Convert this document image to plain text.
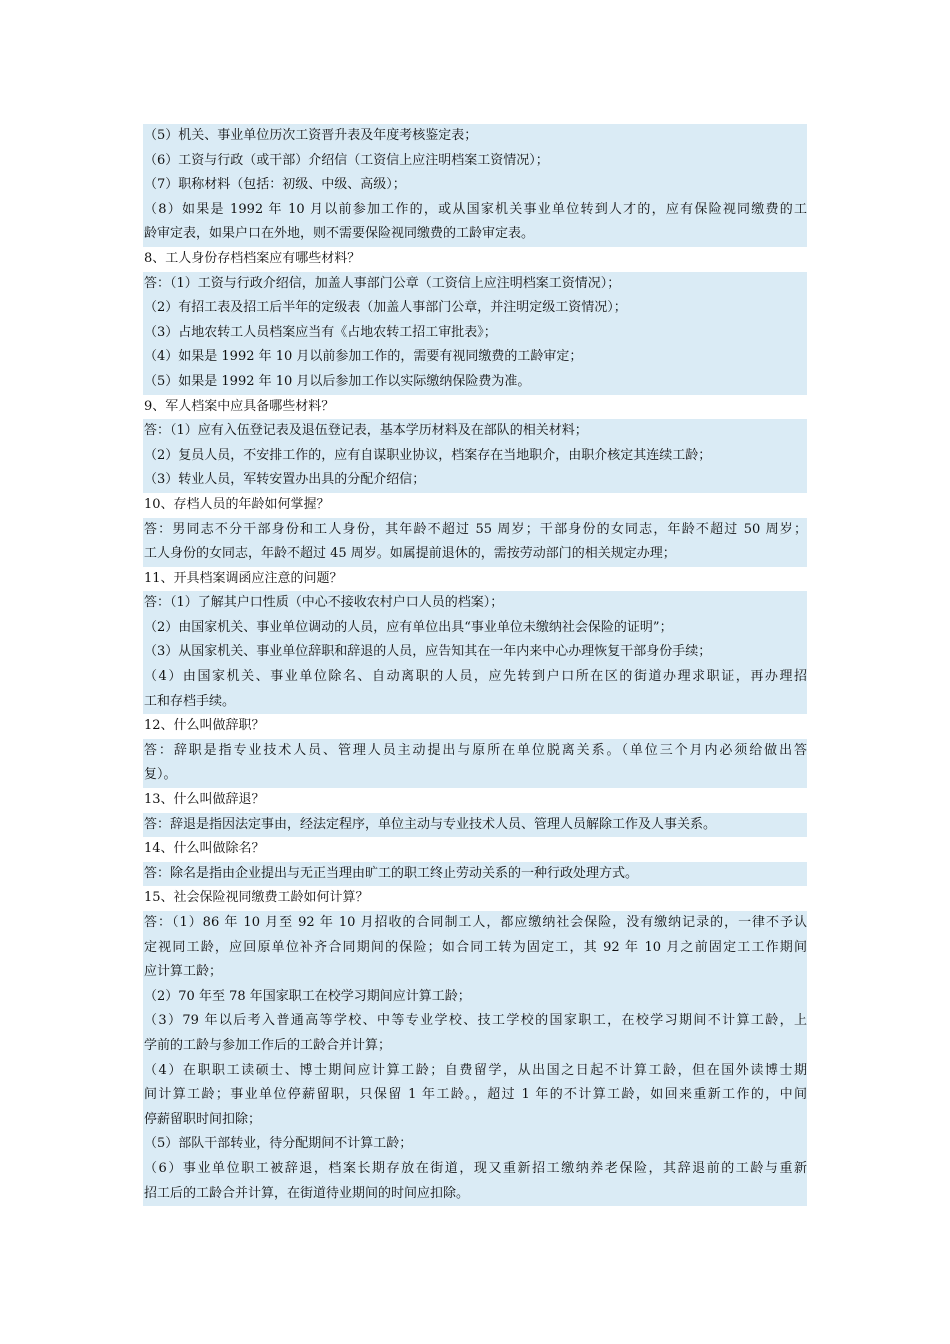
（5）机关、事业单位历次工资晋升表及年度考核鉴定表；
（6）工资与行政（或干部）介绍信（工资信上应注明档案工资情况）；
（7）职称材料（包括：初级、中级、高级）；
（8）如果是 1992 年 10 月以前参加工作的，或从国家机关事业单位转到人才的，应有保险视同缴费的工
龄审定表，如果户口在外地，则不需要保险视同缴费的工龄审定表。
8、工人身份存档档案应有哪些材料？
答：（1）工资与行政介绍信，加盖人事部门公章（工资信上应注明档案工资情况）；
（2）有招工表及招工后半年的定级表（加盖人事部门公章，并注明定级工资情况）；
（3）占地农转工人员档案应当有《占地农转工招工审批表》；
（4）如果是 1992 年 10 月以前参加工作的，需要有视同缴费的工龄审定；
（5）如果是 1992 年 10 月以后参加工作以实际缴纳保险费为准。
9、军人档案中应具备哪些材料？
答：（1）应有入伍登记表及退伍登记表，基本学历材料及在部队的相关材料；
（2）复员人员，不安排工作的，应有自谋职业协议，档案存在当地职介，由职介核定其连续工龄；
（3）转业人员，军转安置办出具的分配介绍信；
10、存档人员的年龄如何掌握？
答：男同志不分干部身份和工人身份，其年龄不超过 55 周岁；干部身份的女同志，年龄不超过 50 周岁；
工人身份的女同志，年龄不超过 45 周岁。如属提前退休的，需按劳动部门的相关规定办理；
11、开具档案调函应注意的问题？
答：（1）了解其户口性质（中心不接收农村户口人员的档案）；
（2）由国家机关、事业单位调动的人员，应有单位出具“事业单位未缴纳社会保险的证明”；
（3）从国家机关、事业单位辞职和辞退的人员，应告知其在一年内来中心办理恢复干部身份手续；
（4）由国家机关、事业单位除名、自动离职的人员，应先转到户口所在区的街道办理求职证，再办理招
工和存档手续。
12、什么叫做辞职？
答：辞职是指专业技术人员、管理人员主动提出与原所在单位脱离关系。（单位三个月内必须给做出答
复）。
13、什么叫做辞退？
答：辞退是指因法定事由，经法定程序，单位主动与专业技术人员、管理人员解除工作及人事关系。
14、什么叫做除名？
答：除名是指由企业提出与无正当理由旷工的职工终止劳动关系的一种行政处理方式。
15、社会保险视同缴费工龄如何计算？
答：（1）86 年 10 月至 92 年 10 月招收的合同制工人，都应缴纳社会保险，没有缴纳记录的，一律不予认
定视同工龄，应回原单位补齐合同期间的保险；如合同工转为固定工，其 92 年 10 月之前固定工工作期间
应计算工龄；
（2）70 年至 78 年国家职工在校学习期间应计算工龄；
（3）79 年以后考入普通高等学校、中等专业学校、技工学校的国家职工，在校学习期间不计算工龄，上
学前的工龄与参加工作后的工龄合并计算；
（4）在职职工读硕士、博士期间应计算工龄；自费留学，从出国之日起不计算工龄，但在国外读博士期
间计算工龄；事业单位停薪留职，只保留 1 年工龄。，超过 1 年的不计算工龄，如回来重新工作的，中间
停薪留职时间扣除；
（5）部队干部转业，待分配期间不计算工龄；
（6）事业单位职工被辞退，档案长期存放在街道，现又重新招工缴纳养老保险，其辞退前的工龄与重新
招工后的工龄合并计算，在街道待业期间的时间应扣除。
